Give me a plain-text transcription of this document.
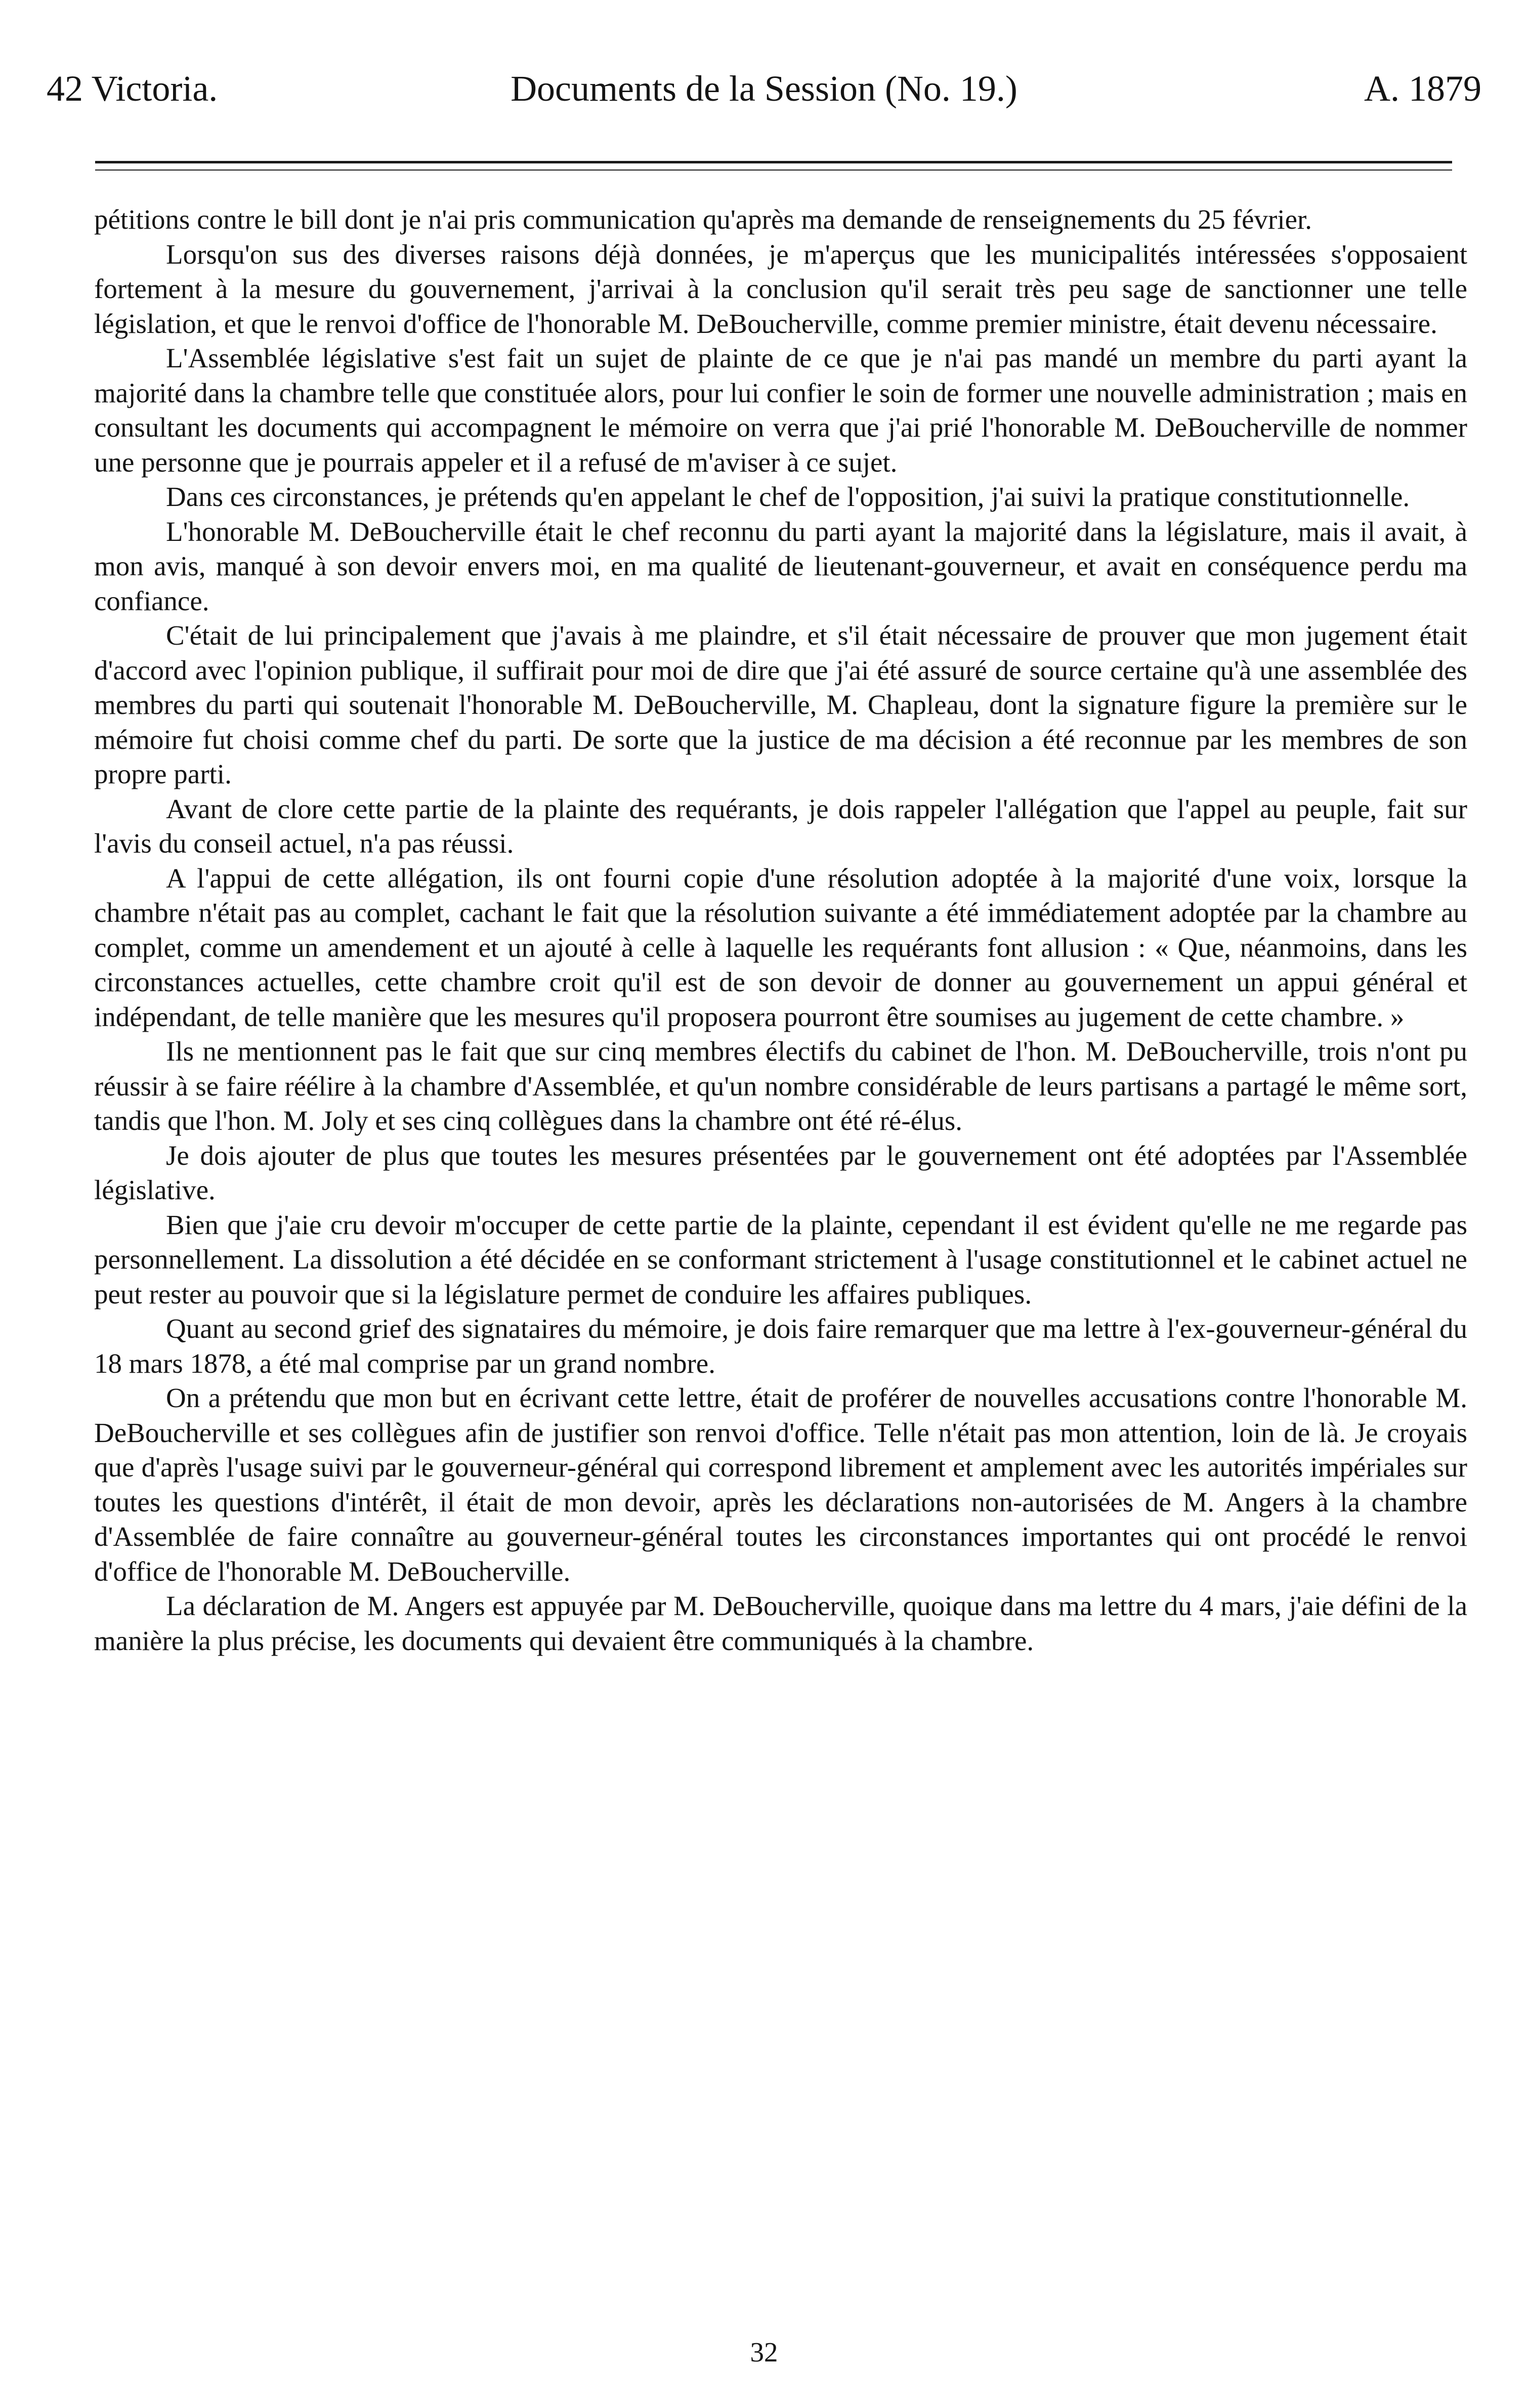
42 Victoria.	Documents de la Session (No. 19.)	A. 1879

pétitions contre le bill dont je n'ai pris communication qu'après ma demande de renseignements du 25 février.

Lorsqu'on sus des diverses raisons déjà données, je m'aperçus que les municipalités intéressées s'opposaient fortement à la mesure du gouvernement, j'arrivai à la conclusion qu'il serait très peu sage de sanctionner une telle législation, et que le renvoi d'office de l'honorable M. DeBoucherville, comme premier ministre, était devenu nécessaire.

L'Assemblée législative s'est fait un sujet de plainte de ce que je n'ai pas mandé un membre du parti ayant la majorité dans la chambre telle que constituée alors, pour lui confier le soin de former une nouvelle administration ; mais en consultant les documents qui accompagnent le mémoire on verra que j'ai prié l'honorable M. DeBoucherville de nommer une personne que je pourrais appeler et il a refusé de m'aviser à ce sujet.

Dans ces circonstances, je prétends qu'en appelant le chef de l'opposition, j'ai suivi la pratique constitutionnelle.

L'honorable M. DeBoucherville était le chef reconnu du parti ayant la majorité dans la législature, mais il avait, à mon avis, manqué à son devoir envers moi, en ma qualité de lieutenant-gouverneur, et avait en conséquence perdu ma confiance.

C'était de lui principalement que j'avais à me plaindre, et s'il était nécessaire de prouver que mon jugement était d'accord avec l'opinion publique, il suffirait pour moi de dire que j'ai été assuré de source certaine qu'à une assemblée des membres du parti qui soutenait l'honorable M. DeBoucherville, M. Chapleau, dont la signature figure la première sur le mémoire fut choisi comme chef du parti. De sorte que la justice de ma décision a été reconnue par les membres de son propre parti.

Avant de clore cette partie de la plainte des requérants, je dois rappeler l'allégation que l'appel au peuple, fait sur l'avis du conseil actuel, n'a pas réussi.

A l'appui de cette allégation, ils ont fourni copie d'une résolution adoptée à la majorité d'une voix, lorsque la chambre n'était pas au complet, cachant le fait que la résolution suivante a été immédiatement adoptée par la chambre au complet, comme un amendement et un ajouté à celle à laquelle les requérants font allusion : « Que, néanmoins, dans les circonstances actuelles, cette chambre croit qu'il est de son devoir de donner au gouvernement un appui général et indépendant, de telle manière que les mesures qu'il proposera pourront être soumises au jugement de cette chambre. »

Ils ne mentionnent pas le fait que sur cinq membres électifs du cabinet de l'hon. M. DeBoucherville, trois n'ont pu réussir à se faire réélire à la chambre d'Assemblée, et qu'un nombre considérable de leurs partisans a partagé le même sort, tandis que l'hon. M. Joly et ses cinq collègues dans la chambre ont été ré-élus.

Je dois ajouter de plus que toutes les mesures présentées par le gouvernement ont été adoptées par l'Assemblée législative.

Bien que j'aie cru devoir m'occuper de cette partie de la plainte, cependant il est évident qu'elle ne me regarde pas personnellement. La dissolution a été décidée en se conformant strictement à l'usage constitutionnel et le cabinet actuel ne peut rester au pouvoir que si la législature permet de conduire les affaires publiques.

Quant au second grief des signataires du mémoire, je dois faire remarquer que ma lettre à l'ex-gouverneur-général du 18 mars 1878, a été mal comprise par un grand nombre.

On a prétendu que mon but en écrivant cette lettre, était de proférer de nouvelles accusations contre l'honorable M. DeBoucherville et ses collègues afin de justifier son renvoi d'office. Telle n'était pas mon attention, loin de là. Je croyais que d'après l'usage suivi par le gouverneur-général qui correspond librement et amplement avec les autorités impériales sur toutes les questions d'intérêt, il était de mon devoir, après les déclarations non-autorisées de M. Angers à la chambre d'Assemblée de faire connaître au gouverneur-général toutes les circonstances importantes qui ont procédé le renvoi d'office de l'honorable M. DeBoucherville.

La déclaration de M. Angers est appuyée par M. DeBoucherville, quoique dans ma lettre du 4 mars, j'aie défini de la manière la plus précise, les documents qui devaient être communiqués à la chambre.

32
